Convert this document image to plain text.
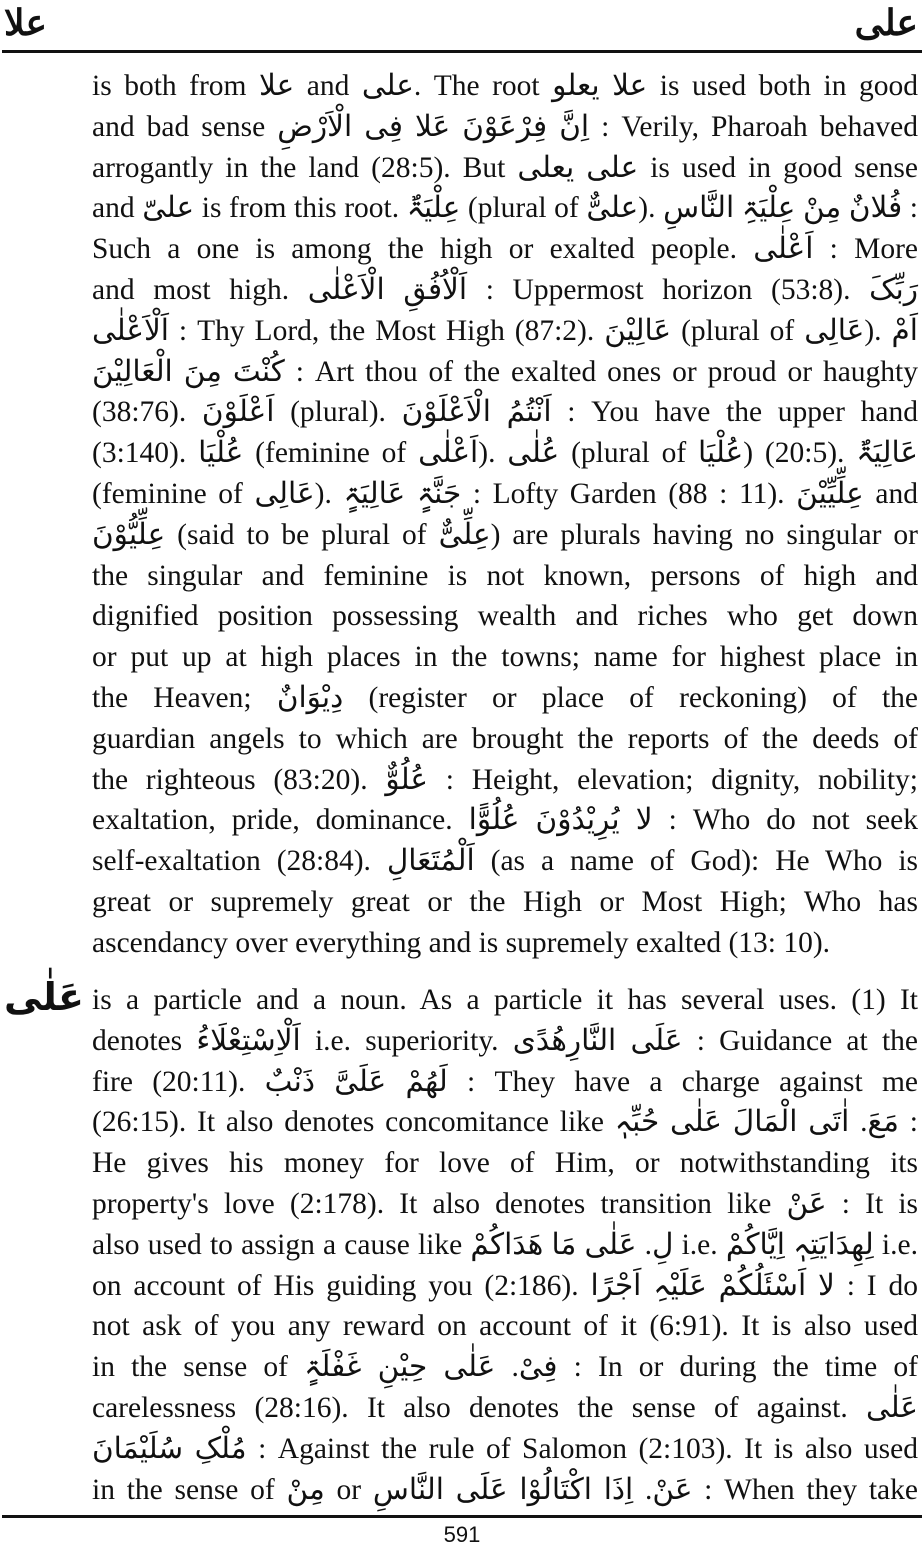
علا	علی

is both from علا and علی. The root علا یعلو is used both in good

and bad sense اِنَّ فِرْعَوْنَ عَلا فِی الْاَرْضِ : Verily, Pharoah behaved

arrogantly in the land (28:5). But علی یعلی is used in good sense

and علیّ is from this root. عِلْیَۃٌ (plural of علیٌّ). فُلانٌ مِنْ عِلْیَۃِ النَّاسِ :

Such a one is among the high or exalted people. اَعْلٰی : More

and most high. اَلْاُفُقِ الْاَعْلٰی : Uppermost horizon (53:8). رَبِّکَ

اَلْاَعْلٰی : Thy Lord, the Most High (87:2). عَالِیْنَ (plural of عَالِی). اَمْ

کُنْتَ مِنَ الْعَالِیْنَ : Art thou of the exalted ones or proud or haughty

(38:76). اَعْلَوْنَ (plural). اَنْتُمُ الْاَعْلَوْنَ : You have the upper hand

(3:140). عُلْیَا (feminine of اَعْلٰی). عُلٰی (plural of عُلْیَا) (20:5). عَالِیَۃٌ

(feminine of عَالِی). جَنَّۃٍ عَالِیَۃٍ : Lofty Garden (88 : 11). عِلِّیِّیْنَ and

عِلِّیُّوْنَ (said to be plural of عِلِّیٌّ) are plurals having no singular or

the singular and feminine is not known, persons of high and

dignified position possessing wealth and riches who get down

or put up at high places in the towns; name for highest place in

the Heaven; دِیْوَانٌ (register or place of reckoning) of the

guardian angels to which are brought the reports of the deeds of

the righteous (83:20). عُلُوٌّ : Height, elevation; dignity, nobility;

exaltation, pride, dominance. لا یُرِیْدُوْنَ عُلُوًّا : Who do not seek

self-exaltation (28:84). اَلْمُتَعَالِ (as a name of God): He Who is

great or supremely great or the High or Most High; Who has

ascendancy over everything and is supremely exalted (13: 10).

عَلٰی is a particle and a noun. As a particle it has several uses. (1) It

denotes اَلْاِسْتِعْلَاءُ i.e. superiority. عَلَی النَّارِھُدًی : Guidance at the

fire (20:11). لَهُمْ عَلَیَّ ذَنْبٌ : They have a charge against me

(26:15). It also denotes concomitance like مَعَ. اٰتَی الْمَالَ عَلٰی حُبِّہٖ :

He gives his money for love of Him, or notwithstanding its

property's love (2:178). It also denotes transition like عَنْ : It is

also used to assign a cause like لِ. عَلٰی مَا ھَدَاکُمْ i.e. لِهِدَایَتِہٖ اِیَّاکُمْ i.e.

on account of His guiding you (2:186). لا اَسْئَلُکُمْ عَلَیْہِ اَجْرًا : I do

not ask of you any reward on account of it (6:91). It is also used

in the sense of فِیْ. عَلٰی حِیْنِ غَفْلَۃٍ : In or during the time of

carelessness (28:16). It also denotes the sense of against. عَلٰی

مُلْکِ سُلَیْمَانَ : Against the rule of Salomon (2:103). It is also used

in the sense of مِنْ or عَنْ. اِذَا اکْتَالُوْا عَلَی النَّاسِ : When they take

591
